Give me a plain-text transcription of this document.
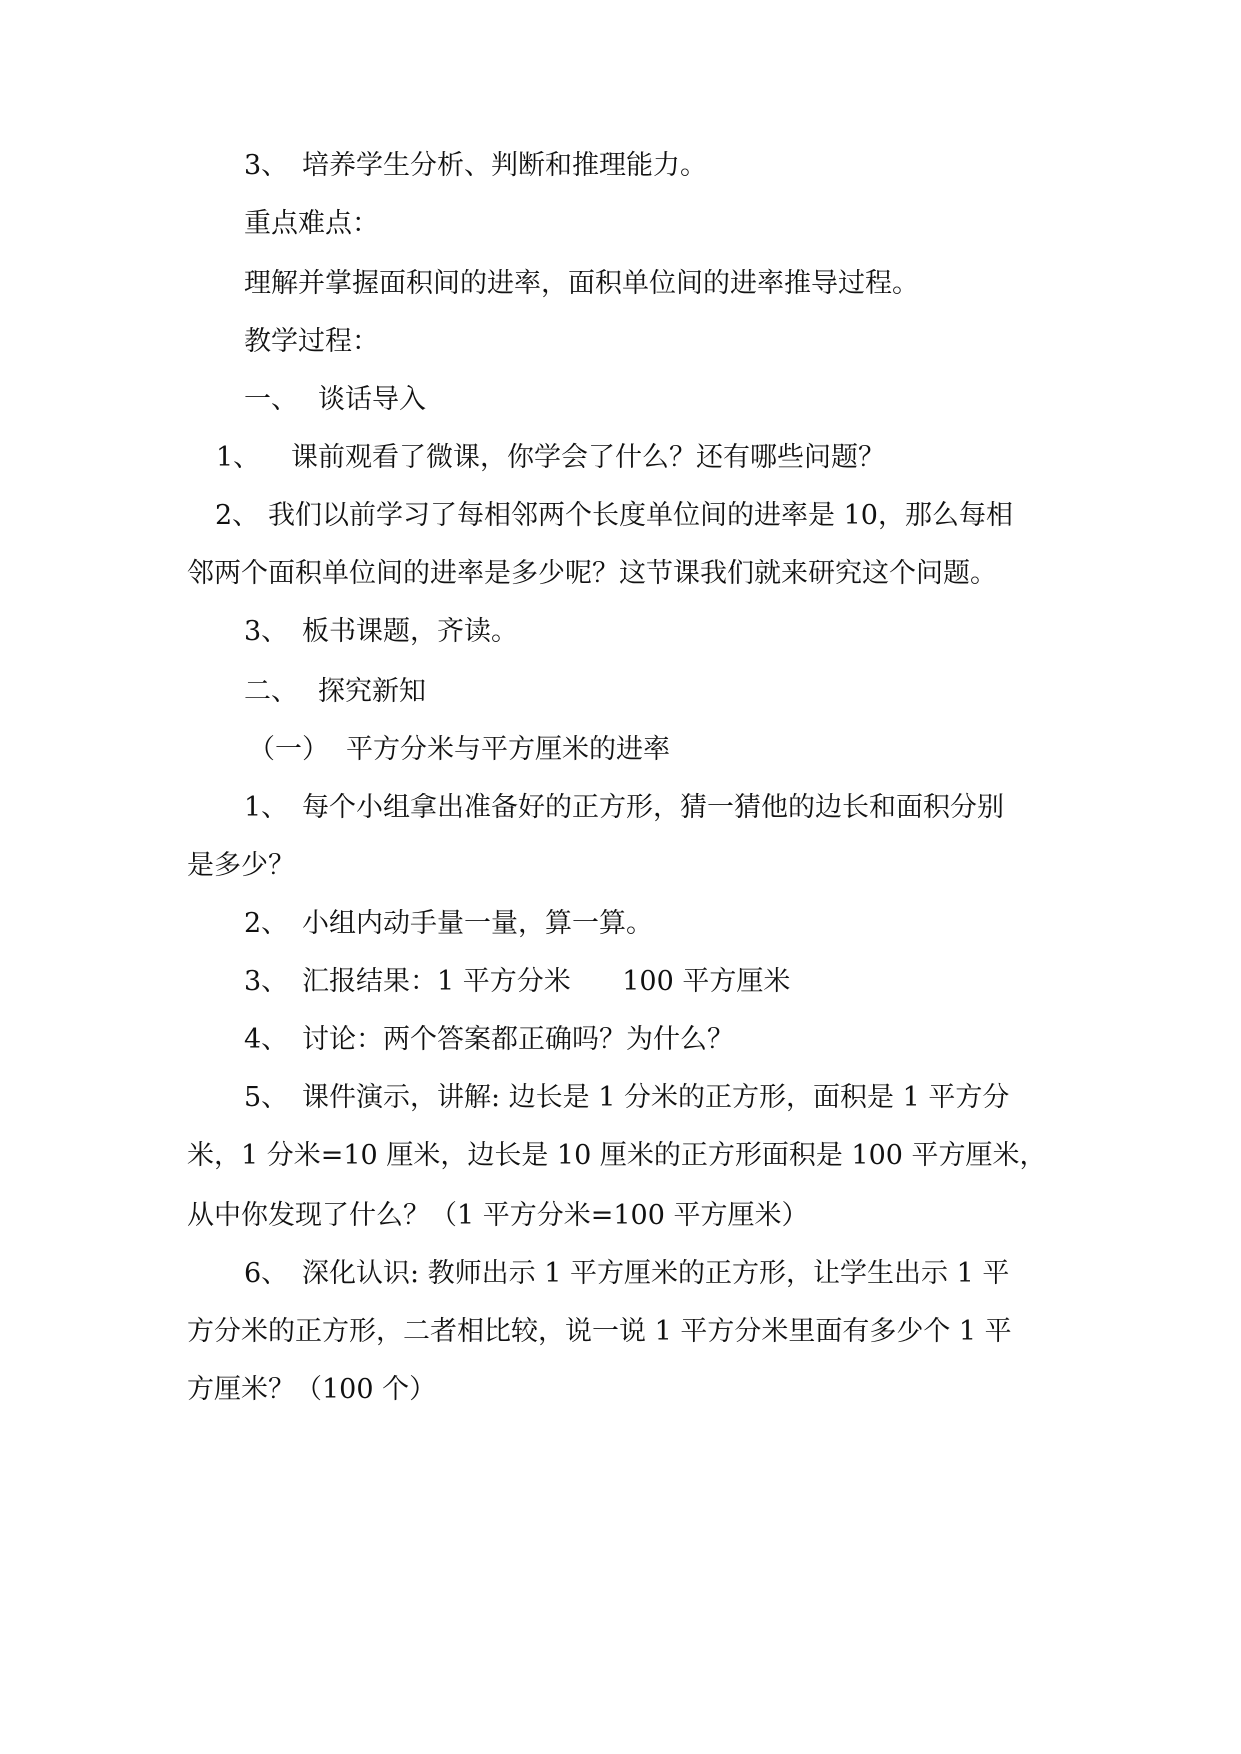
3、 培养学生分析、判断和推理能力。
重点难点：
理解并掌握面积间的进率，面积单位间的进率推导过程。
教学过程：
一、 谈话导入
1、 课前观看了微课，你学会了什么？还有哪些问题？
2、 我们以前学习了每相邻两个长度单位间的进率是 10，那么每相
邻两个面积单位间的进率是多少呢？这节课我们就来研究这个问题。
3、 板书课题，齐读。
二、 探究新知
（一） 平方分米与平方厘米的进率
1、 每个小组拿出准备好的正方形，猜一猜他的边长和面积分别
是多少？
2、 小组内动手量一量，算一算。
3、 汇报结果：1 平方分米      100 平方厘米
4、 讨论：两个答案都正确吗？为什么？
5、 课件演示，讲解: 边长是 1 分米的正方形，面积是 1 平方分
米，1 分米=10 厘米，边长是 10 厘米的正方形面积是 100 平方厘米，
从中你发现了什么？（1 平方分米=100 平方厘米）
6、 深化认识: 教师出示 1 平方厘米的正方形，让学生出示 1 平
方分米的正方形，二者相比较，说一说 1 平方分米里面有多少个 1 平
方厘米？（100 个）
